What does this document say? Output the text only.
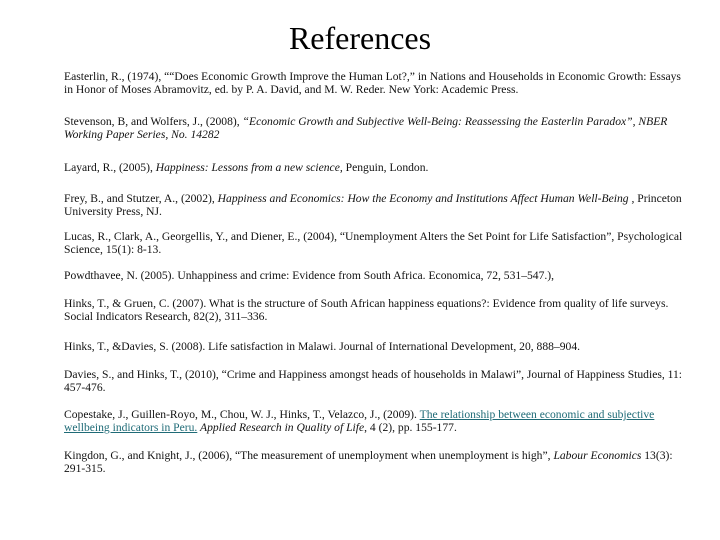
References
Easterlin, R., (1974), ““Does Economic Growth Improve the Human Lot?,” in Nations and Households in Economic Growth: Essays in Honor of Moses Abramovitz, ed. by P. A. David, and M. W. Reder. New York: Academic Press.
Stevenson, B, and Wolfers, J., (2008), “Economic Growth and Subjective Well-Being: Reassessing the Easterlin Paradox”, NBER Working Paper Series, No. 14282
Layard, R., (2005), Happiness: Lessons from a new science, Penguin, London.
Frey, B., and Stutzer, A., (2002), Happiness and Economics: How the Economy and Institutions Affect Human Well-Being , Princeton University Press, NJ.
Lucas, R., Clark, A., Georgellis, Y., and Diener, E., (2004), “Unemployment Alters the Set Point for Life Satisfaction”, Psychological Science, 15(1): 8-13.
Powdthavee, N. (2005). Unhappiness and crime: Evidence from South Africa. Economica, 72, 531–547.),
Hinks, T., & Gruen, C. (2007). What is the structure of South African happiness equations?: Evidence from quality of life surveys. Social Indicators Research, 82(2), 311–336.
Hinks, T., &Davies, S. (2008). Life satisfaction in Malawi. Journal of International Development, 20, 888–904.
Davies, S., and Hinks, T., (2010), “Crime and Happiness amongst heads of households in Malawi”, Journal of Happiness Studies, 11: 457-476.
Copestake, J., Guillen-Royo, M., Chou, W. J., Hinks, T., Velazco, J., (2009). The relationship between economic and subjective wellbeing indicators in Peru. Applied Research in Quality of Life, 4 (2), pp. 155-177.
Kingdon, G., and Knight, J., (2006), “The measurement of unemployment when unemployment is high”, Labour Economics 13(3): 291-315.
